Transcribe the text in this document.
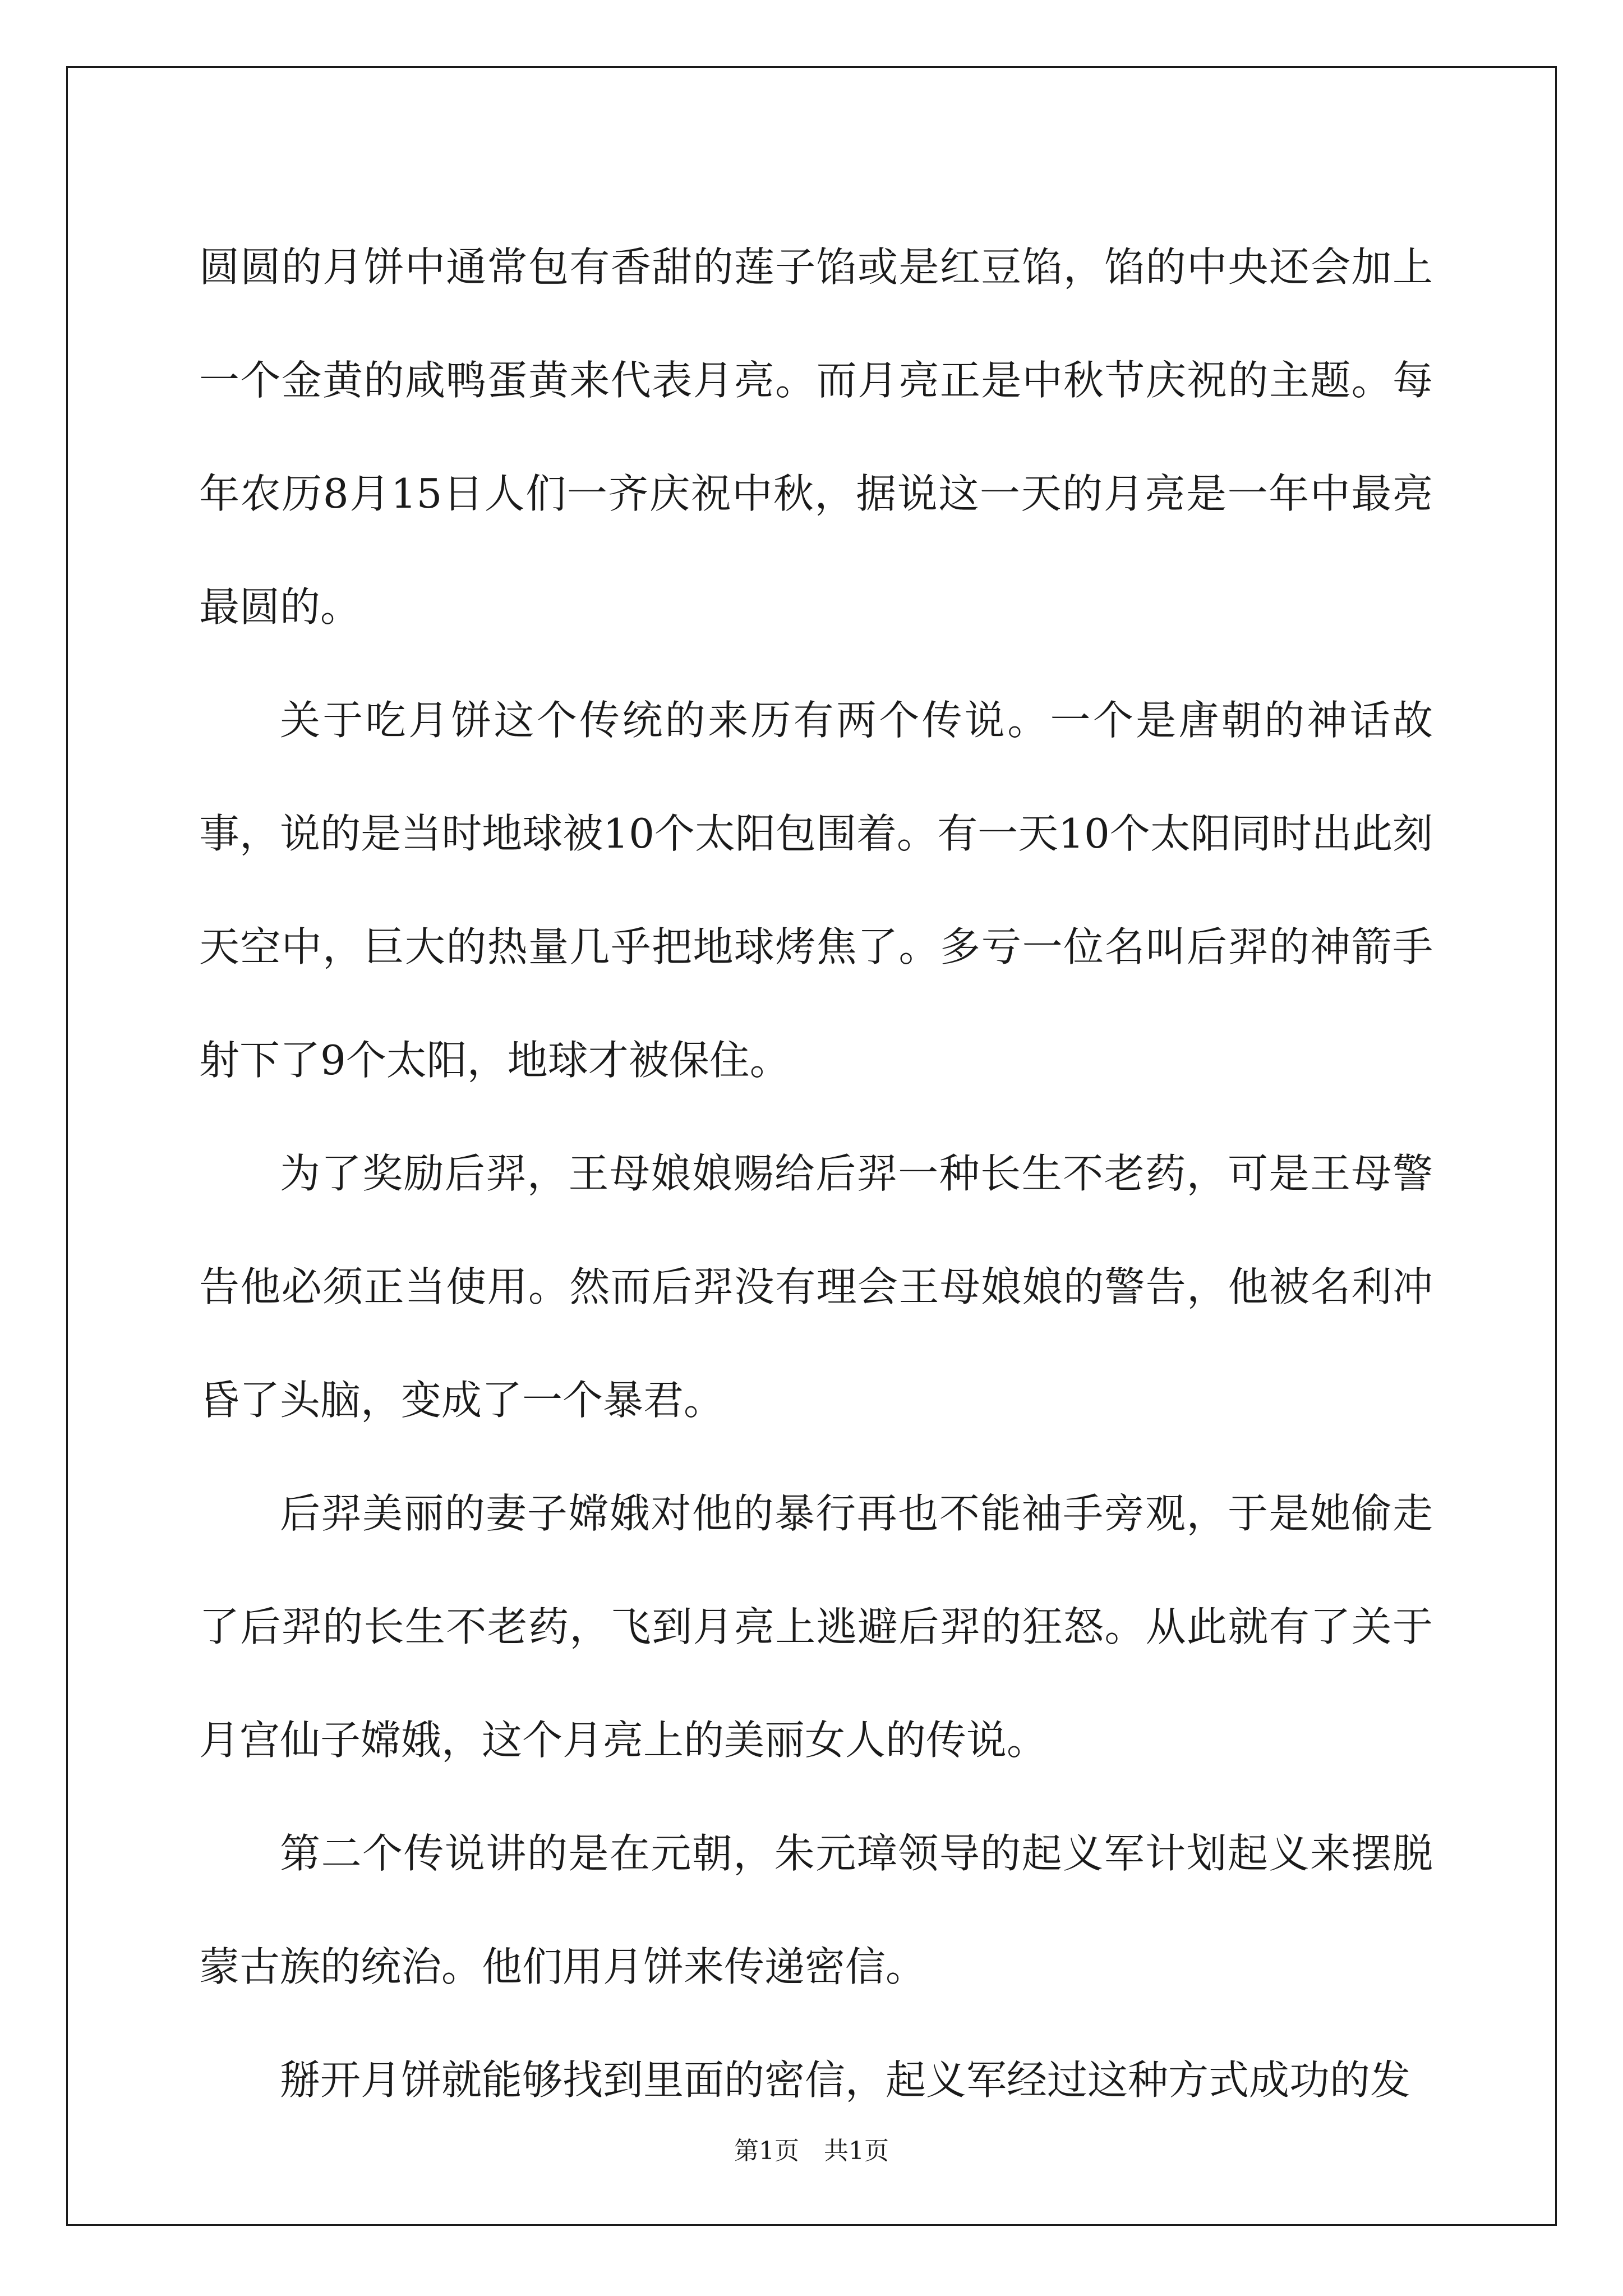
圆圆的月饼中通常包有香甜的莲子馅或是红豆馅，馅的中央还会加上一个金黄的咸鸭蛋黄来代表月亮。而月亮正是中秋节庆祝的主题。每年农历8月15日人们一齐庆祝中秋，据说这一天的月亮是一年中最亮最圆的。

关于吃月饼这个传统的来历有两个传说。一个是唐朝的神话故事，说的是当时地球被10个太阳包围着。有一天10个太阳同时出此刻天空中，巨大的热量几乎把地球烤焦了。多亏一位名叫后羿的神箭手射下了9个太阳，地球才被保住。

为了奖励后羿，王母娘娘赐给后羿一种长生不老药，可是王母警告他必须正当使用。然而后羿没有理会王母娘娘的警告，他被名利冲昏了头脑，变成了一个暴君。

后羿美丽的妻子嫦娥对他的暴行再也不能袖手旁观，于是她偷走了后羿的长生不老药，飞到月亮上逃避后羿的狂怒。从此就有了关于月宫仙子嫦娥，这个月亮上的美丽女人的传说。

第二个传说讲的是在元朝，朱元璋领导的起义军计划起义来摆脱蒙古族的统治。他们用月饼来传递密信。

掰开月饼就能够找到里面的密信，起义军经过这种方式成功的发

第1页　共1页
